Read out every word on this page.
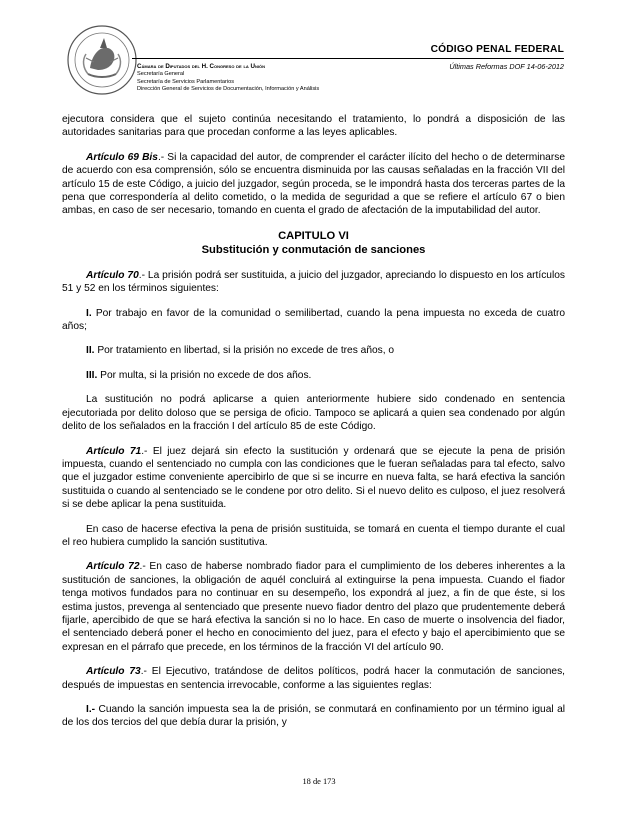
CÓDIGO PENAL FEDERAL
Últimas Reformas DOF 14-06-2012
Cámara de Diputados del H. Congreso de la Unión
Secretaría General
Secretaría de Servicios Parlamentarios
Dirección General de Servicios de Documentación, Información y Análisis

ejecutora considera que el sujeto continúa necesitando el tratamiento, lo pondrá a disposición de las autoridades sanitarias para que procedan conforme a las leyes aplicables.

Artículo 69 Bis.- Si la capacidad del autor, de comprender el carácter ilícito del hecho o de determinarse de acuerdo con esa comprensión, sólo se encuentra disminuida por las causas señaladas en la fracción VII del artículo 15 de este Código, a juicio del juzgador, según proceda, se le impondrá hasta dos terceras partes de la pena que correspondería al delito cometido, o la medida de seguridad a que se refiere el artículo 67 o bien ambas, en caso de ser necesario, tomando en cuenta el grado de afectación de la imputabilidad del autor.

CAPITULO VI
Substitución y conmutación de sanciones

Artículo 70.- La prisión podrá ser sustituida, a juicio del juzgador, apreciando lo dispuesto en los artículos 51 y 52 en los términos siguientes:

I. Por trabajo en favor de la comunidad o semilibertad, cuando la pena impuesta no exceda de cuatro años;

II. Por tratamiento en libertad, si la prisión no excede de tres años, o

III. Por multa, si la prisión no excede de dos años.

La sustitución no podrá aplicarse a quien anteriormente hubiere sido condenado en sentencia ejecutoriada por delito doloso que se persiga de oficio. Tampoco se aplicará a quien sea condenado por algún delito de los señalados en la fracción I del artículo 85 de este Código.

Artículo 71.- El juez dejará sin efecto la sustitución y ordenará que se ejecute la pena de prisión impuesta, cuando el sentenciado no cumpla con las condiciones que le fueran señaladas para tal efecto, salvo que el juzgador estime conveniente apercibirlo de que si se incurre en nueva falta, se hará efectiva la sanción sustituida o cuando al sentenciado se le condene por otro delito. Si el nuevo delito es culposo, el juez resolverá si se debe aplicar la pena sustituida.

En caso de hacerse efectiva la pena de prisión sustituida, se tomará en cuenta el tiempo durante el cual el reo hubiera cumplido la sanción sustitutiva.

Artículo 72.- En caso de haberse nombrado fiador para el cumplimiento de los deberes inherentes a la sustitución de sanciones, la obligación de aquél concluirá al extinguirse la pena impuesta. Cuando el fiador tenga motivos fundados para no continuar en su desempeño, los expondrá al juez, a fin de que éste, si los estima justos, prevenga al sentenciado que presente nuevo fiador dentro del plazo que prudentemente deberá fijarle, apercibido de que se hará efectiva la sanción si no lo hace. En caso de muerte o insolvencia del fiador, el sentenciado deberá poner el hecho en conocimiento del juez, para el efecto y bajo el apercibimiento que se expresan en el párrafo que precede, en los términos de la fracción VI del artículo 90.

Artículo 73.- El Ejecutivo, tratándose de delitos políticos, podrá hacer la conmutación de sanciones, después de impuestas en sentencia irrevocable, conforme a las siguientes reglas:

I.- Cuando la sanción impuesta sea la de prisión, se conmutará en confinamiento por un término igual al de los dos tercios del que debía durar la prisión, y

18 de 173
